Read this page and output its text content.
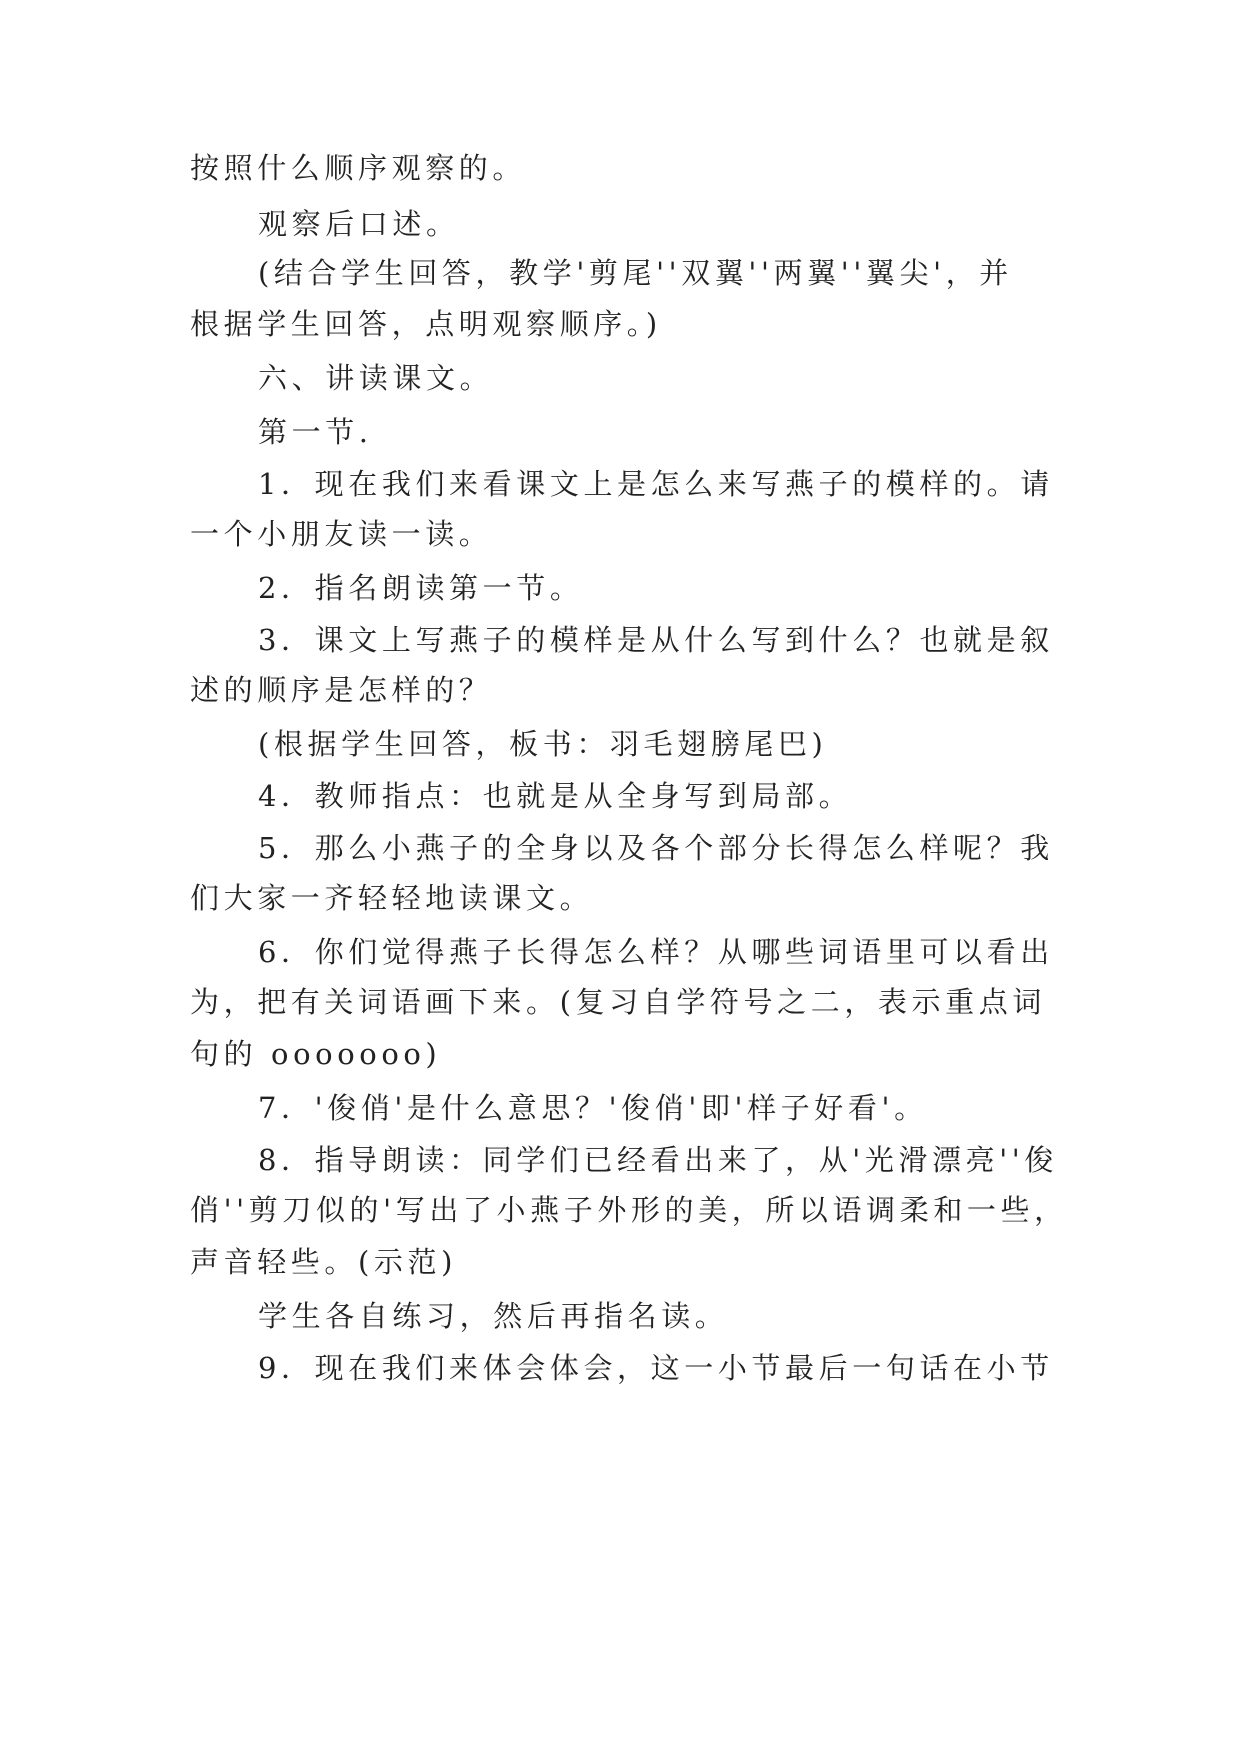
按照什么顺序观察的。
观察后口述。
(结合学生回答，教学'剪尾''双翼''两翼''翼尖'，并
根据学生回答，点明观察顺序。)
六、讲读课文。
第一节.
1．现在我们来看课文上是怎么来写燕子的模样的。请
一个小朋友读一读。
2．指名朗读第一节。
3．课文上写燕子的模样是从什么写到什么？也就是叙
述的顺序是怎样的？
(根据学生回答，板书：羽毛翅膀尾巴)
4．教师指点：也就是从全身写到局部。
5．那么小燕子的全身以及各个部分长得怎么样呢？我
们大家一齐轻轻地读课文。
6．你们觉得燕子长得怎么样？从哪些词语里可以看出
为，把有关词语画下来。(复习自学符号之二，表示重点词
句的 ooooooo)
7．'俊俏'是什么意思？'俊俏'即'样子好看'。
8．指导朗读：同学们已经看出来了，从'光滑漂亮''俊
俏''剪刀似的'写出了小燕子外形的美，所以语调柔和一些，
声音轻些。(示范)
学生各自练习，然后再指名读。
9．现在我们来体会体会，这一小节最后一句话在小节
